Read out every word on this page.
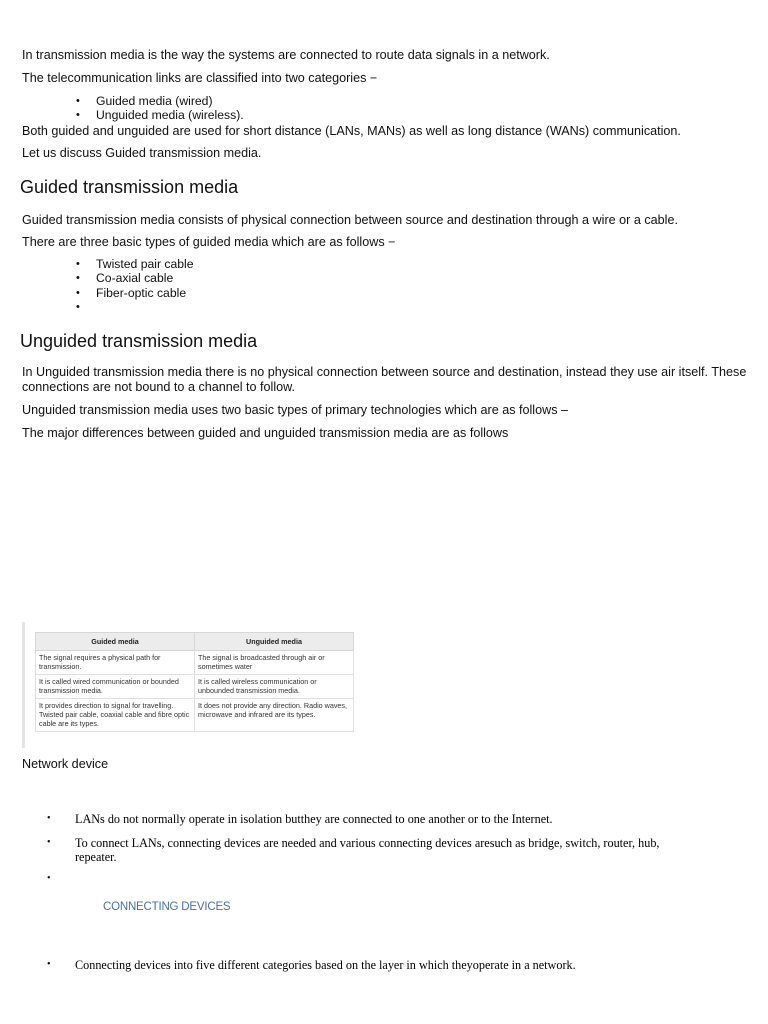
In transmission media is the way the systems are connected to route data signals in a network.

The telecommunication links are classified into two categories −

• Guided media (wired)
• Unguided media (wireless).

Both guided and unguided are used for short distance (LANs, MANs) as well as long distance (WANs) communication.

Let us discuss Guided transmission media.

Guided transmission media

Guided transmission media consists of physical connection between source and destination through a wire or a cable.

There are three basic types of guided media which are as follows −

• Twisted pair cable
• Co-axial cable
• Fiber-optic cable
•
Unguided transmission media

In Unguided transmission media there is no physical connection between source and destination, instead they use air itself. These connections are not bound to a channel to follow.

Unguided transmission media uses two basic types of primary technologies which are as follows –

The major differences between guided and unguided transmission media are as follows

Guided media	Unguided media
The signal requires a physical path for transmission.	The signal is broadcasted through air or sometimes water
It is called wired communication or bounded transmission media.	It is called wireless communication or unbounded transmission media.
It provides direction to signal for travelling. Twisted pair cable, coaxial cable and fibre optic cable are its types.	It does not provide any direction. Radio waves, microwave and infrared are its types.

Network device

• LANs do not normally operate in isolation butthey are connected to one another or to the Internet.
• To connect LANs, connecting devices are needed and various connecting devices aresuch as bridge, switch, router, hub, repeater.
•
CONNECTING DEVICES
• Connecting devices into five different categories based on the layer in which theyoperate in a network.
